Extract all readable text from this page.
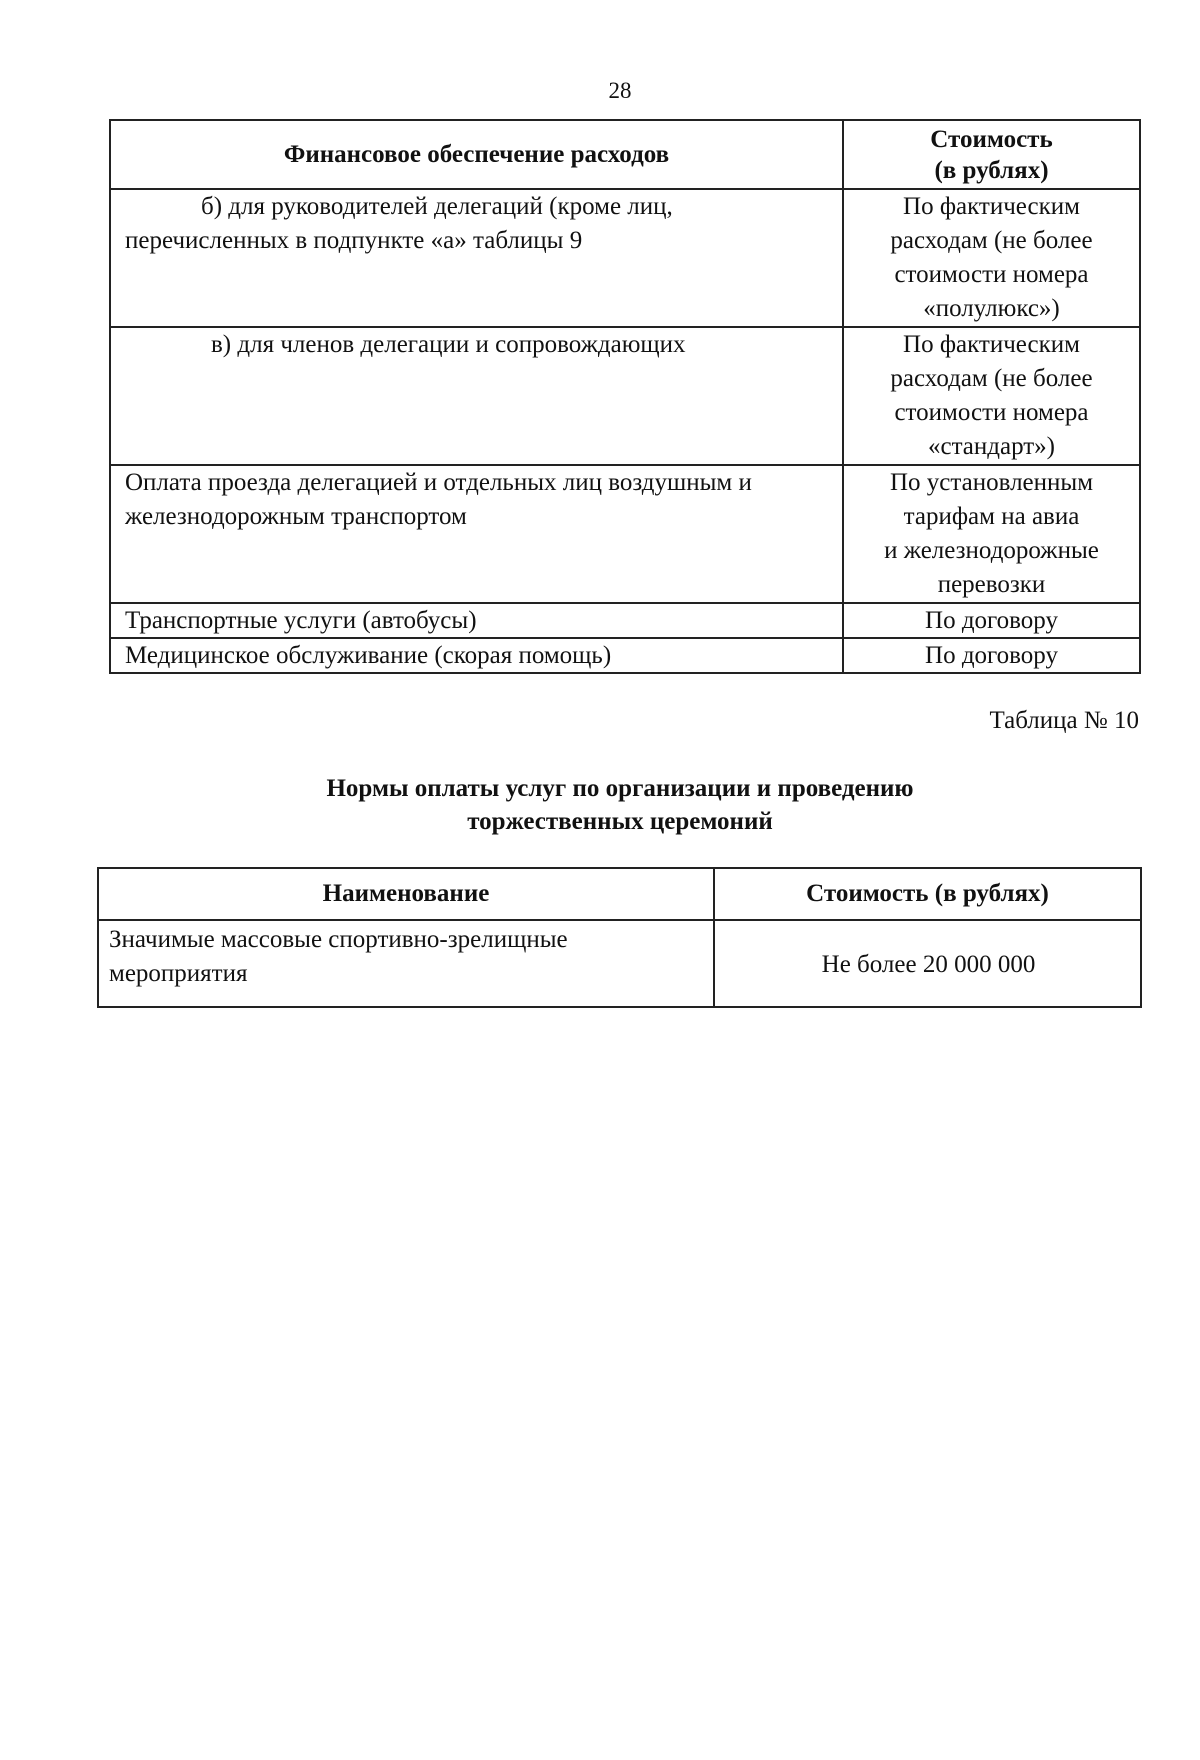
28
Финансовое обеспечение расходов	Стоимость
(в рублях)

б) для руководителей делегаций (кроме лиц, перечисленных в подпункте «а» таблицы 9	По фактическим
расходам (не более
стоимости номера
«полулюкс»)

в) для членов делегации и сопровождающих	По фактическим
расходам (не более
стоимости номера
«стандарт»)

Оплата проезда делегацией и отдельных лиц воздушным и железнодорожным транспортом	По установленным
тарифам на авиа
и железнодорожные
перевозки

Транспортные услуги (автобусы)	По договору

Медицинское обслуживание (скорая помощь)	По договору
Таблица № 10
Нормы оплаты услуг по организации и проведению
торжественных церемоний
Наименование	Стоимость (в рублях)
Значимые массовые спортивно-зрелищные мероприятия	Не более 20 000 000
